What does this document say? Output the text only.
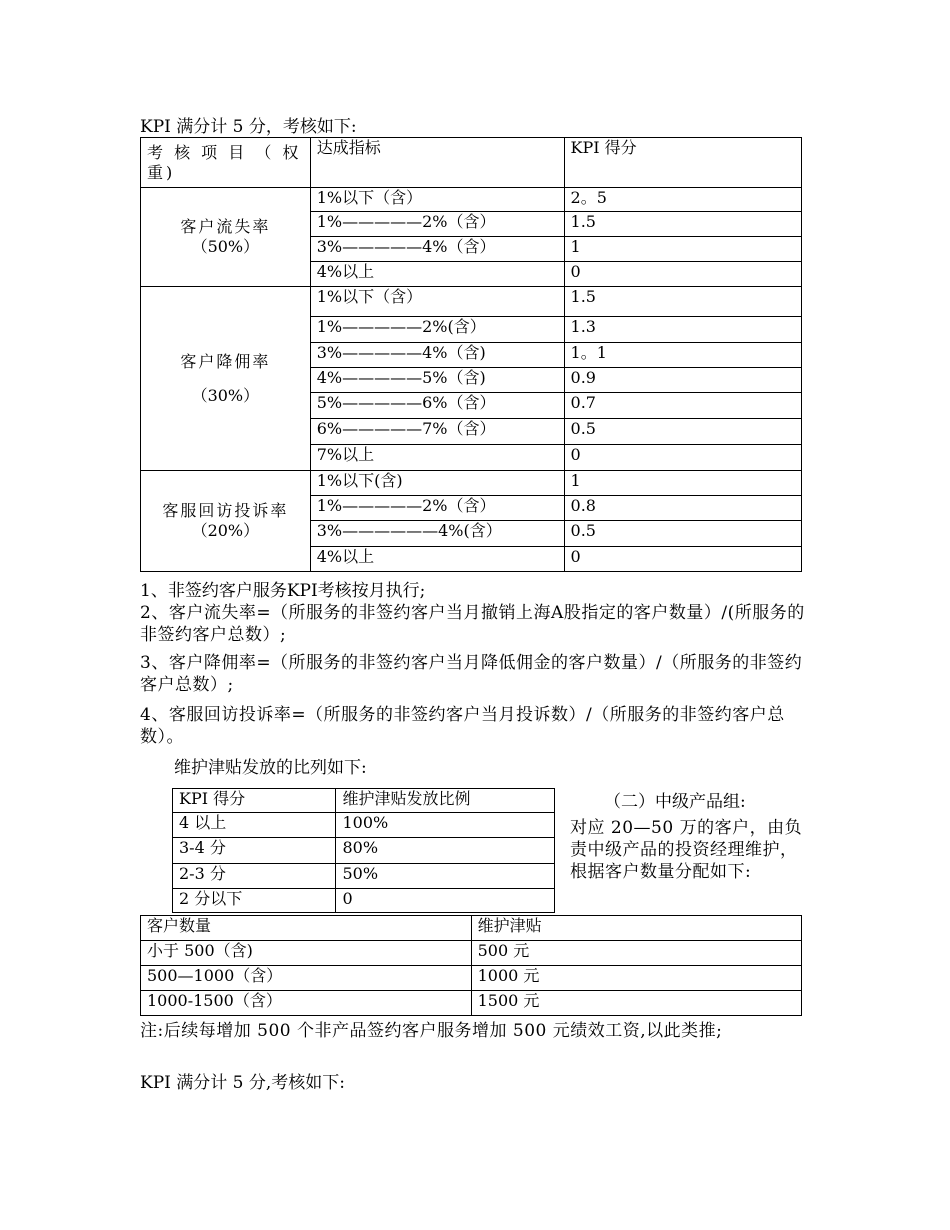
KPI 满分计 5 分，考核如下:
考 核 项 目 （ 权 重)	达成指标	KPI 得分

客户流失率
（50%）	1%以下（含）	2。5
	1%—————2%（含）	1.5
	3%—————4%（含）	1
	4%以上	0

客户降佣率
（30%）	1%以下（含）	1.5
	1%—————2%(含）	1.3
	3%—————4%（含)	1。1
	4%—————5%（含)	0.9
	5%—————6%（含）	0.7
	6%—————7%（含）	0.5
	7%以上	0

客服回访投诉率
（20%）	1%以下(含)	1
	1%—————2%（含）	0.8
	3%——————4%(含）	0.5
	4%以上	0
1、非签约客户服务KPI考核按月执行;
2、客户流失率=（所服务的非签约客户当月撤销上海A股指定的客户数量）/(所服务的非签约客户总数）;
3、客户降佣率=（所服务的非签约客户当月降低佣金的客户数量）/（所服务的非签约客户总数）;
4、客服回访投诉率=（所服务的非签约客户当月投诉数）/（所服务的非签约客户总数）。
维护津贴发放的比列如下:
KPI 得分	维护津贴发放比例
4 以上	100%
3-4 分	80%
2-3 分	50%
2 分以下	0
（二）中级产品组:
对应 20—50 万的客户，由负责中级产品的投资经理维护，根据客户数量分配如下:
客户数量	维护津贴
小于 500（含)	500 元
500—1000（含）	1000 元
1000-1500（含）	1500 元
注:后续每增加 500 个非产品签约客户服务增加 500 元绩效工资,以此类推;
KPI 满分计 5 分,考核如下:
